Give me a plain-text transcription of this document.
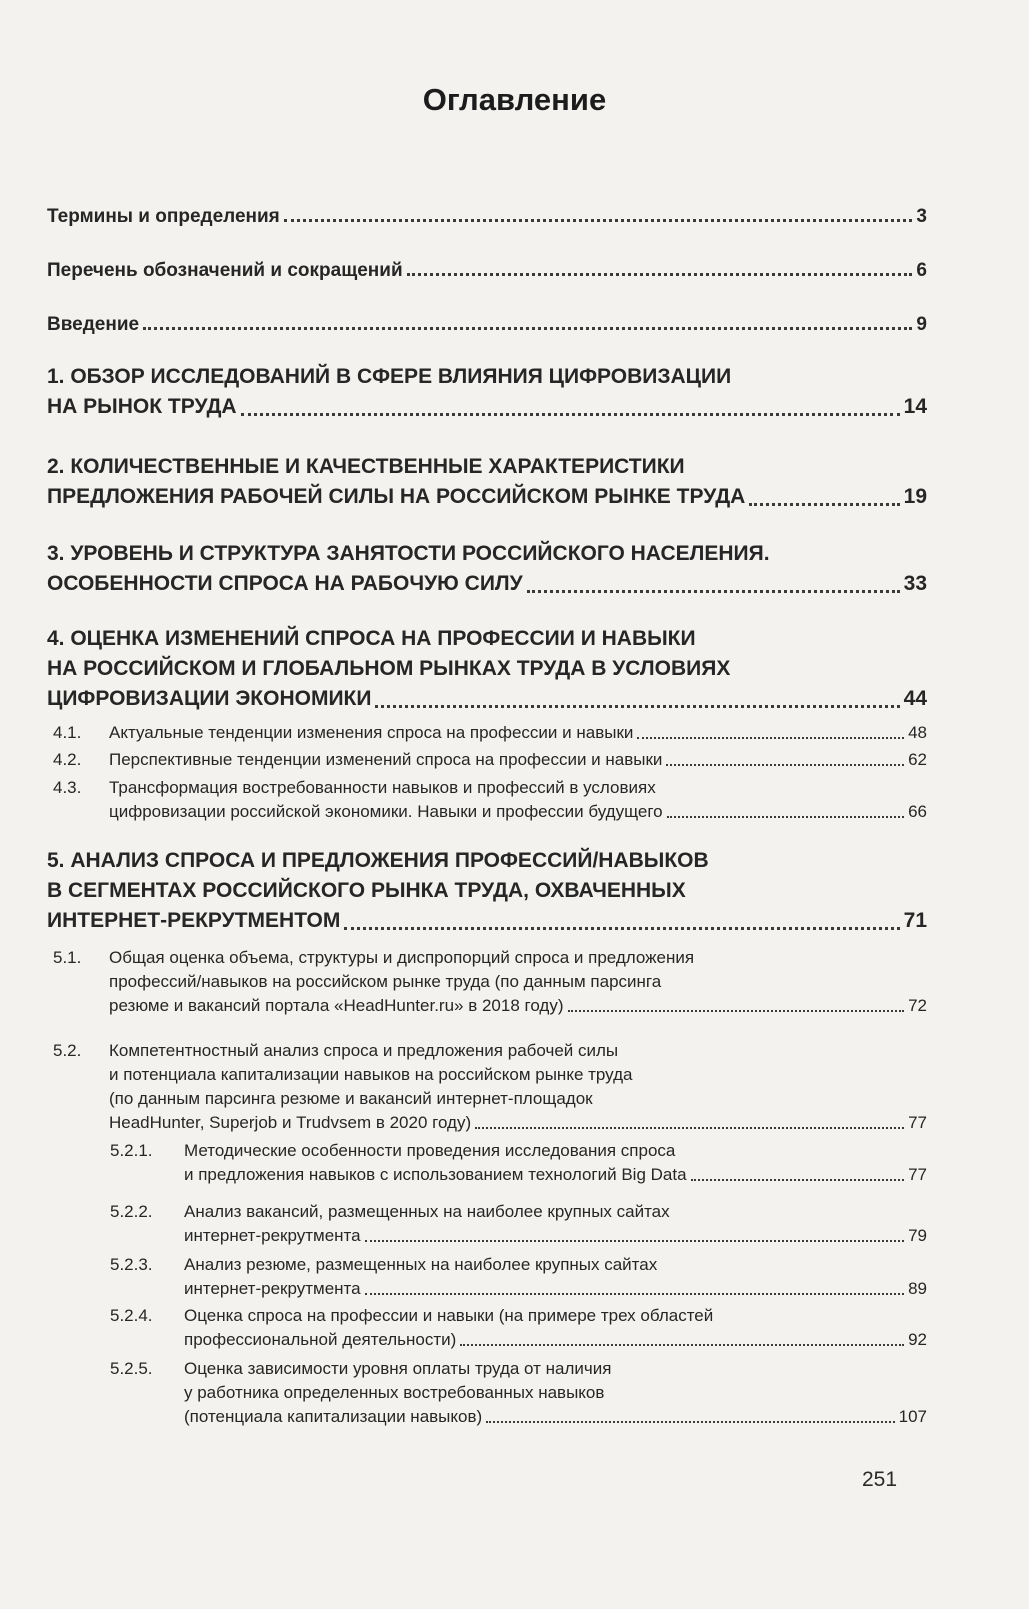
Оглавление
Термины и определения	3
Перечень обозначений и сокращений	6
Введение	9
1. ОБЗОР ИССЛЕДОВАНИЙ В СФЕРЕ ВЛИЯНИЯ ЦИФРОВИЗАЦИИ
НА РЫНОК ТРУДА	14
2. КОЛИЧЕСТВЕННЫЕ И КАЧЕСТВЕННЫЕ ХАРАКТЕРИСТИКИ
ПРЕДЛОЖЕНИЯ РАБОЧЕЙ СИЛЫ НА РОССИЙСКОМ РЫНКЕ ТРУДА	19
3. УРОВЕНЬ И СТРУКТУРА ЗАНЯТОСТИ РОССИЙСКОГО НАСЕЛЕНИЯ.
ОСОБЕННОСТИ СПРОСА НА РАБОЧУЮ СИЛУ	33
4. ОЦЕНКА ИЗМЕНЕНИЙ СПРОСА НА ПРОФЕССИИ И НАВЫКИ
НА РОССИЙСКОМ И ГЛОБАЛЬНОМ РЫНКАХ ТРУДА В УСЛОВИЯХ
ЦИФРОВИЗАЦИИ ЭКОНОМИКИ	44
4.1. Актуальные тенденции изменения спроса на профессии и навыки	48
4.2. Перспективные тенденции изменений спроса на профессии и навыки	62
4.3. Трансформация востребованности навыков и профессий в условиях
цифровизации российской экономики. Навыки и профессии будущего	66
5. АНАЛИЗ СПРОСА И ПРЕДЛОЖЕНИЯ ПРОФЕССИЙ/НАВЫКОВ
В СЕГМЕНТАХ РОССИЙСКОГО РЫНКА ТРУДА, ОХВАЧЕННЫХ
ИНТЕРНЕТ-РЕКРУТМЕНТОМ	71
5.1. Общая оценка объема, структуры и диспропорций спроса и предложения
профессий/навыков на российском рынке труда (по данным парсинга
резюме и вакансий портала «HeadHunter.ru» в 2018 году)	72
5.2. Компетентностный анализ спроса и предложения рабочей силы
и потенциала капитализации навыков на российском рынке труда
(по данным парсинга резюме и вакансий интернет-площадок
HeadHunter, Superjob и Trudvsem в 2020 году)	77
5.2.1. Методические особенности проведения исследования спроса
и предложения навыков с использованием технологий Big Data	77
5.2.2. Анализ вакансий, размещенных на наиболее крупных сайтах
интернет-рекрутмента	79
5.2.3. Анализ резюме, размещенных на наиболее крупных сайтах
интернет-рекрутмента	89
5.2.4. Оценка спроса на профессии и навыки (на примере трех областей
профессиональной деятельности)	92
5.2.5. Оценка зависимости уровня оплаты труда от наличия
у работника определенных востребованных навыков
(потенциала капитализации навыков)	107
251
